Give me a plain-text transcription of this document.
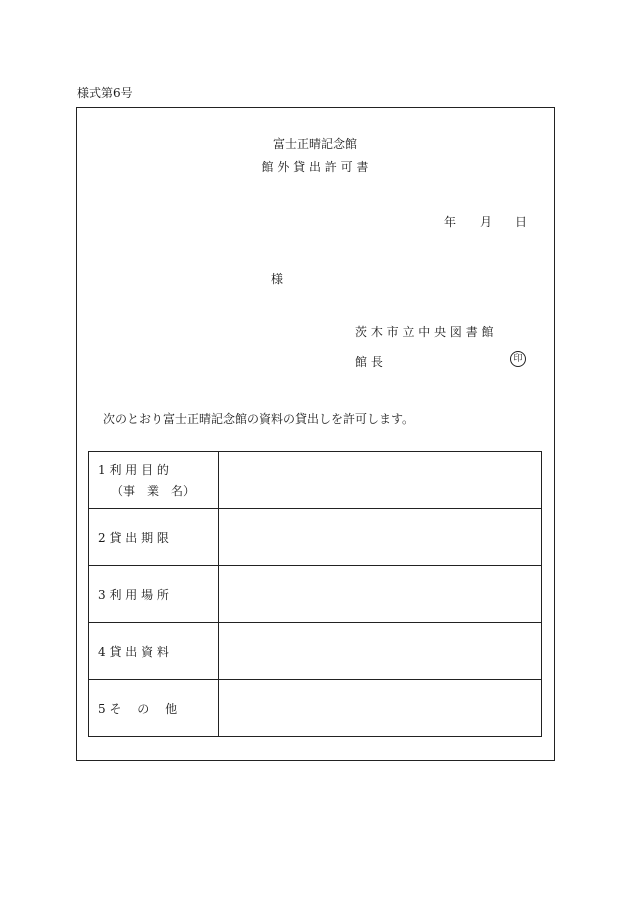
様式第6号
富士正晴記念館
館 外 貸 出 許 可 書
年 月 日
様
茨 木 市 立 中 央 図 書 館
館 長	印
次のとおり富士正晴記念館の資料の貸出しを許可します。
1 利 用 目 的
（事　業　名）	

2 貸 出 期 限	

3 利 用 場 所	

4 貸 出 資 料	

5 そ　 の　 他	
